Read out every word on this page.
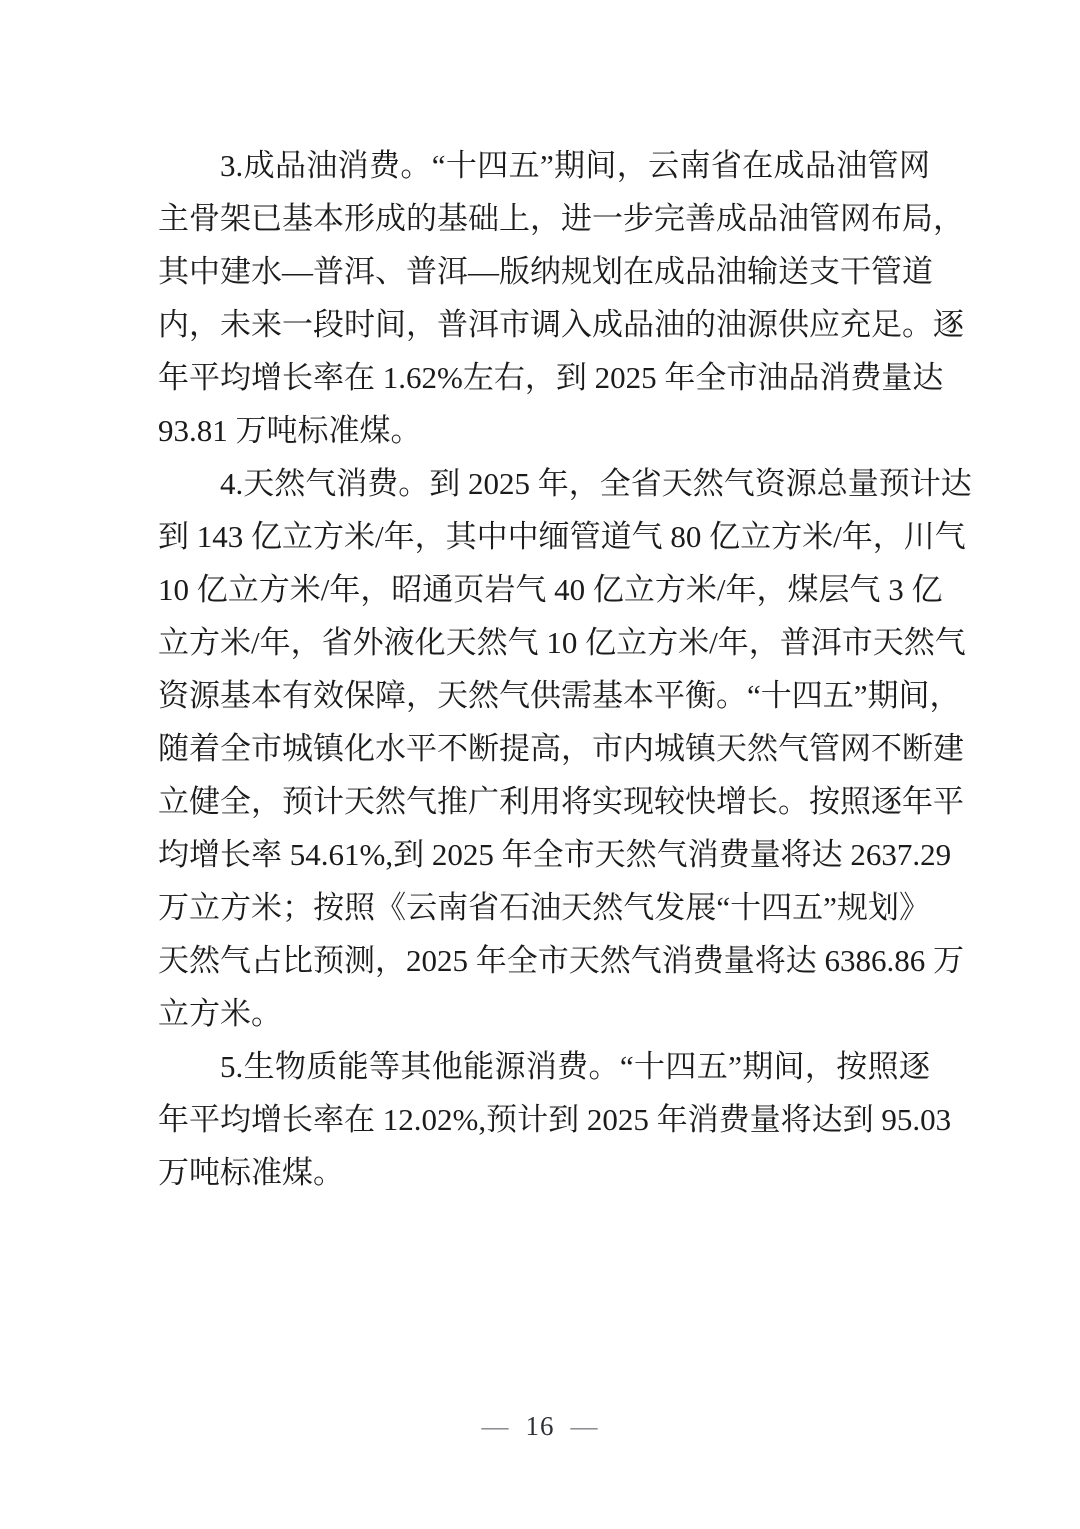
3.成品油消费。“十四五”期间，云南省在成品油管网
主骨架已基本形成的基础上，进一步完善成品油管网布局，
其中建水—普洱、普洱—版纳规划在成品油输送支干管道
内，未来一段时间，普洱市调入成品油的油源供应充足。逐
年平均增长率在 1.62%左右，到 2025 年全市油品消费量达
93.81 万吨标准煤。
4.天然气消费。到 2025 年，全省天然气资源总量预计达
到 143 亿立方米/年，其中中缅管道气 80 亿立方米/年，川气
10 亿立方米/年，昭通页岩气 40 亿立方米/年，煤层气 3 亿
立方米/年，省外液化天然气 10 亿立方米/年，普洱市天然气
资源基本有效保障，天然气供需基本平衡。“十四五”期间，
随着全市城镇化水平不断提高，市内城镇天然气管网不断建
立健全，预计天然气推广利用将实现较快增长。按照逐年平
均增长率 54.61%,到 2025 年全市天然气消费量将达 2637.29
万立方米；按照《云南省石油天然气发展“十四五”规划》
天然气占比预测，2025 年全市天然气消费量将达 6386.86 万
立方米。
5.生物质能等其他能源消费。“十四五”期间，按照逐
年平均增长率在 12.02%,预计到 2025 年消费量将达到 95.03
万吨标准煤。
— 16 —
